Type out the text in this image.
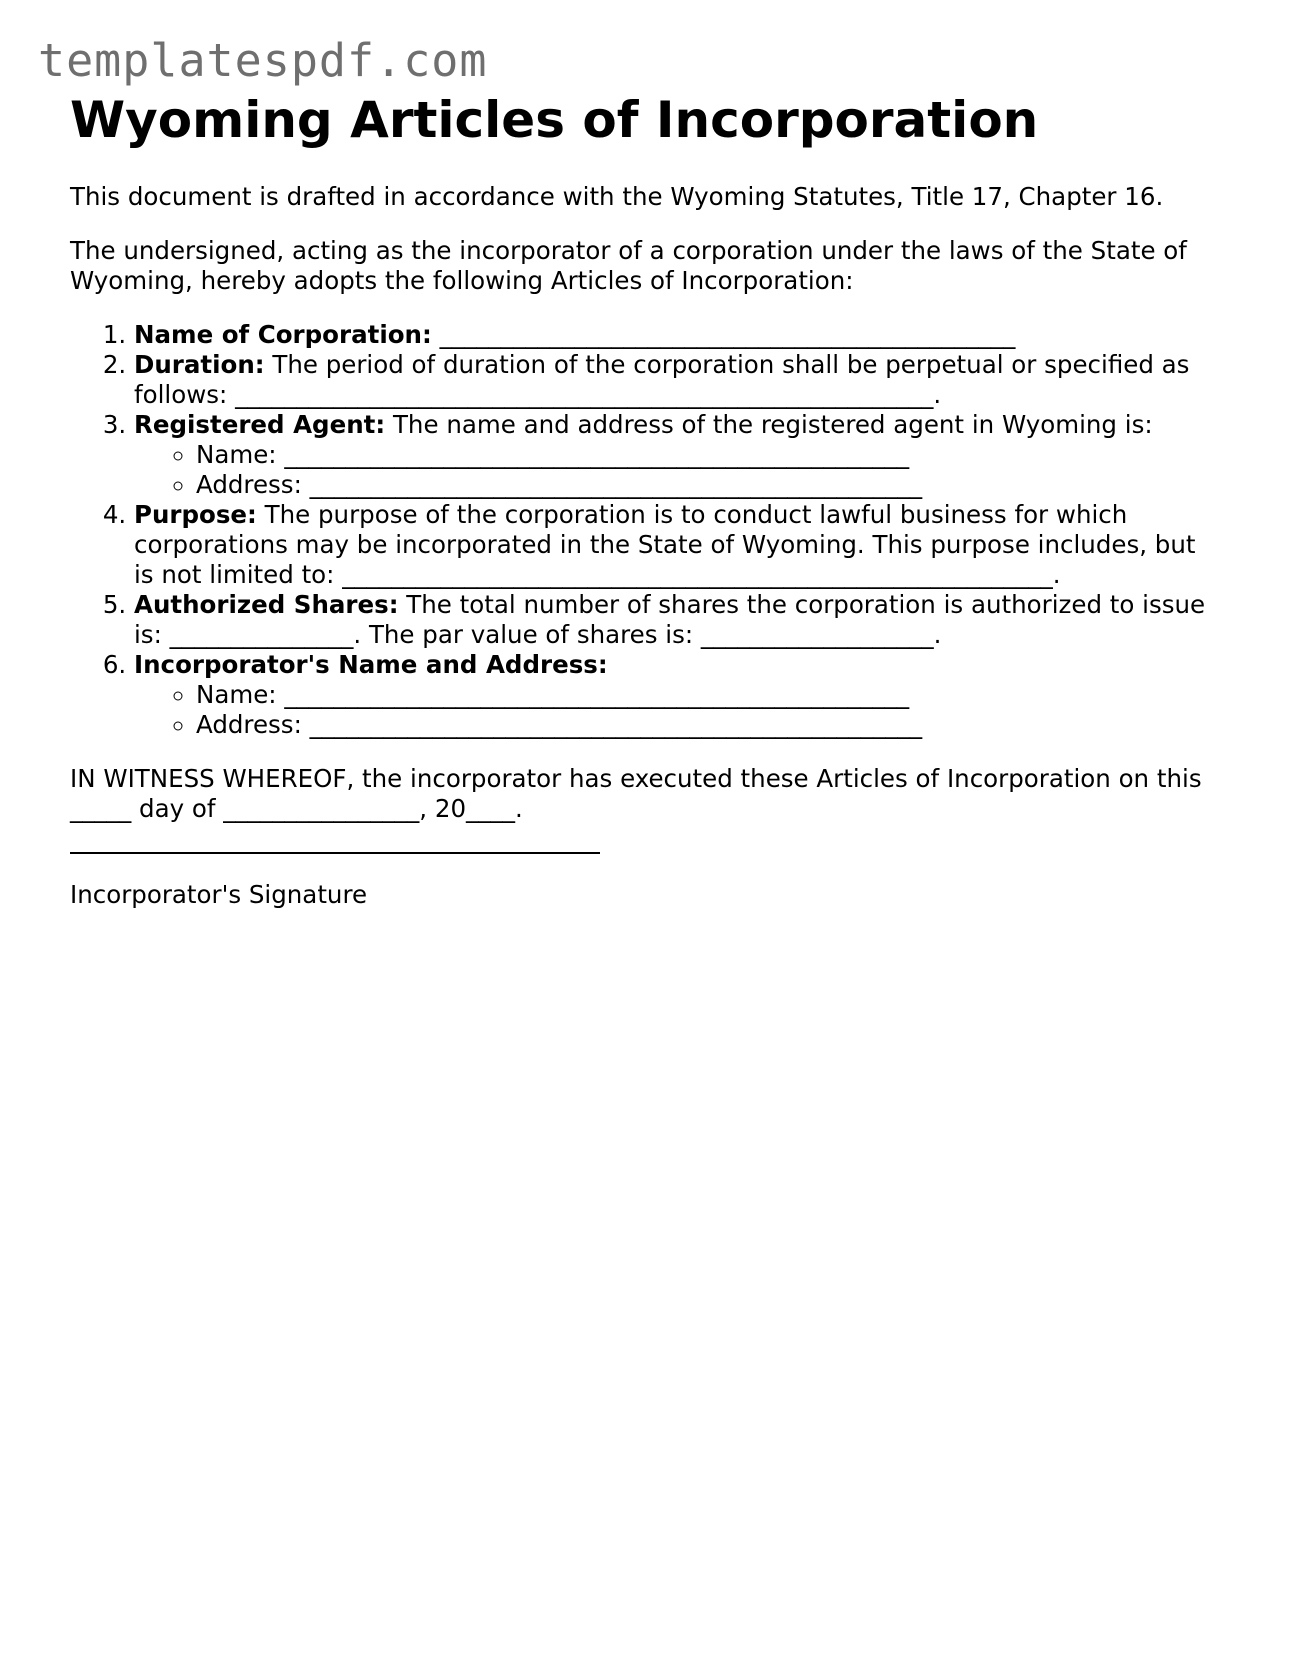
templatespdf.com
Wyoming Articles of Incorporation

This document is drafted in accordance with the Wyoming Statutes, Title 17, Chapter 16.

The undersigned, acting as the incorporator of a corporation under the laws of the State of Wyoming, hereby adopts the following Articles of Incorporation:

1. Name of Corporation: _______________________________________________
2. Duration: The period of duration of the corporation shall be perpetual or specified as follows: _________________________________________________________.
3. Registered Agent: The name and address of the registered agent in Wyoming is:
◦ Name: ___________________________________________________
◦ Address: __________________________________________________
4. Purpose: The purpose of the corporation is to conduct lawful business for which corporations may be incorporated in the State of Wyoming. This purpose includes, but is not limited to: __________________________________________________________.
5. Authorized Shares: The total number of shares the corporation is authorized to issue is: _______________. The par value of shares is: ___________________.
6. Incorporator's Name and Address:
◦ Name: ___________________________________________________
◦ Address: __________________________________________________

IN WITNESS WHEREOF, the incorporator has executed these Articles of Incorporation on this _____ day of ________________, 20____.

Incorporator's Signature
